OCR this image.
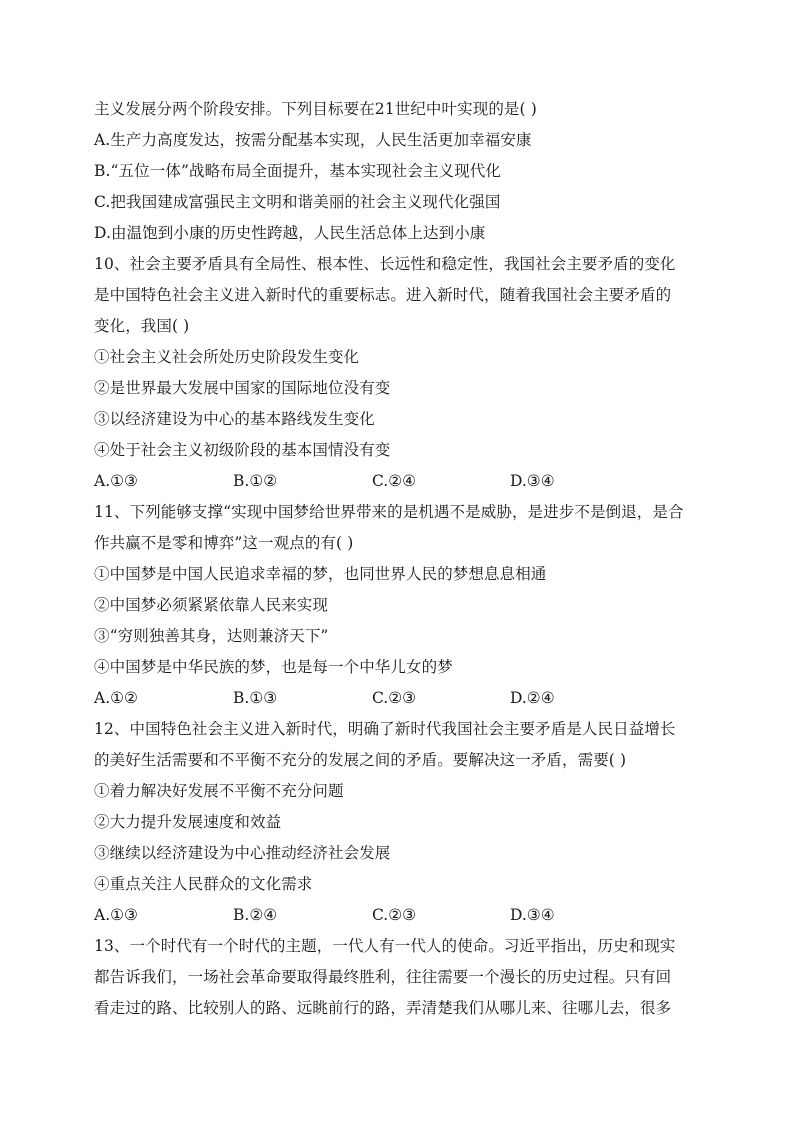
主义发展分两个阶段安排。下列目标要在21世纪中叶实现的是( )
A.生产力高度发达，按需分配基本实现，人民生活更加幸福安康
B.“五位一体”战略布局全面提升，基本实现社会主义现代化
C.把我国建成富强民主文明和谐美丽的社会主义现代化强国
D.由温饱到小康的历史性跨越，人民生活总体上达到小康
10、社会主要矛盾具有全局性、根本性、长远性和稳定性，我国社会主要矛盾的变化
是中国特色社会主义进入新时代的重要标志。进入新时代，随着我国社会主要矛盾的
变化，我国( )
①社会主义社会所处历史阶段发生变化
②是世界最大发展中国家的国际地位没有变
③以经济建设为中心的基本路线发生变化
④处于社会主义初级阶段的基本国情没有变
A.①③	B.①②	C.②④	D.③④
11、下列能够支撑“实现中国梦给世界带来的是机遇不是威胁，是进步不是倒退，是合
作共赢不是零和博弈”这一观点的有( )
①中国梦是中国人民追求幸福的梦，也同世界人民的梦想息息相通
②中国梦必须紧紧依靠人民来实现
③“穷则独善其身，达则兼济天下”
④中国梦是中华民族的梦，也是每一个中华儿女的梦
A.①②	B.①③	C.②③	D.②④
12、中国特色社会主义进入新时代，明确了新时代我国社会主要矛盾是人民日益增长
的美好生活需要和不平衡不充分的发展之间的矛盾。要解决这一矛盾，需要( )
①着力解决好发展不平衡不充分问题
②大力提升发展速度和效益
③继续以经济建设为中心推动经济社会发展
④重点关注人民群众的文化需求
A.①③	B.②④	C.②③	D.③④
13、一个时代有一个时代的主题，一代人有一代人的使命。习近平指出，历史和现实
都告诉我们，一场社会革命要取得最终胜利，往往需要一个漫长的历史过程。只有回
看走过的路、比较别人的路、远眺前行的路，弄清楚我们从哪儿来、往哪儿去，很多
